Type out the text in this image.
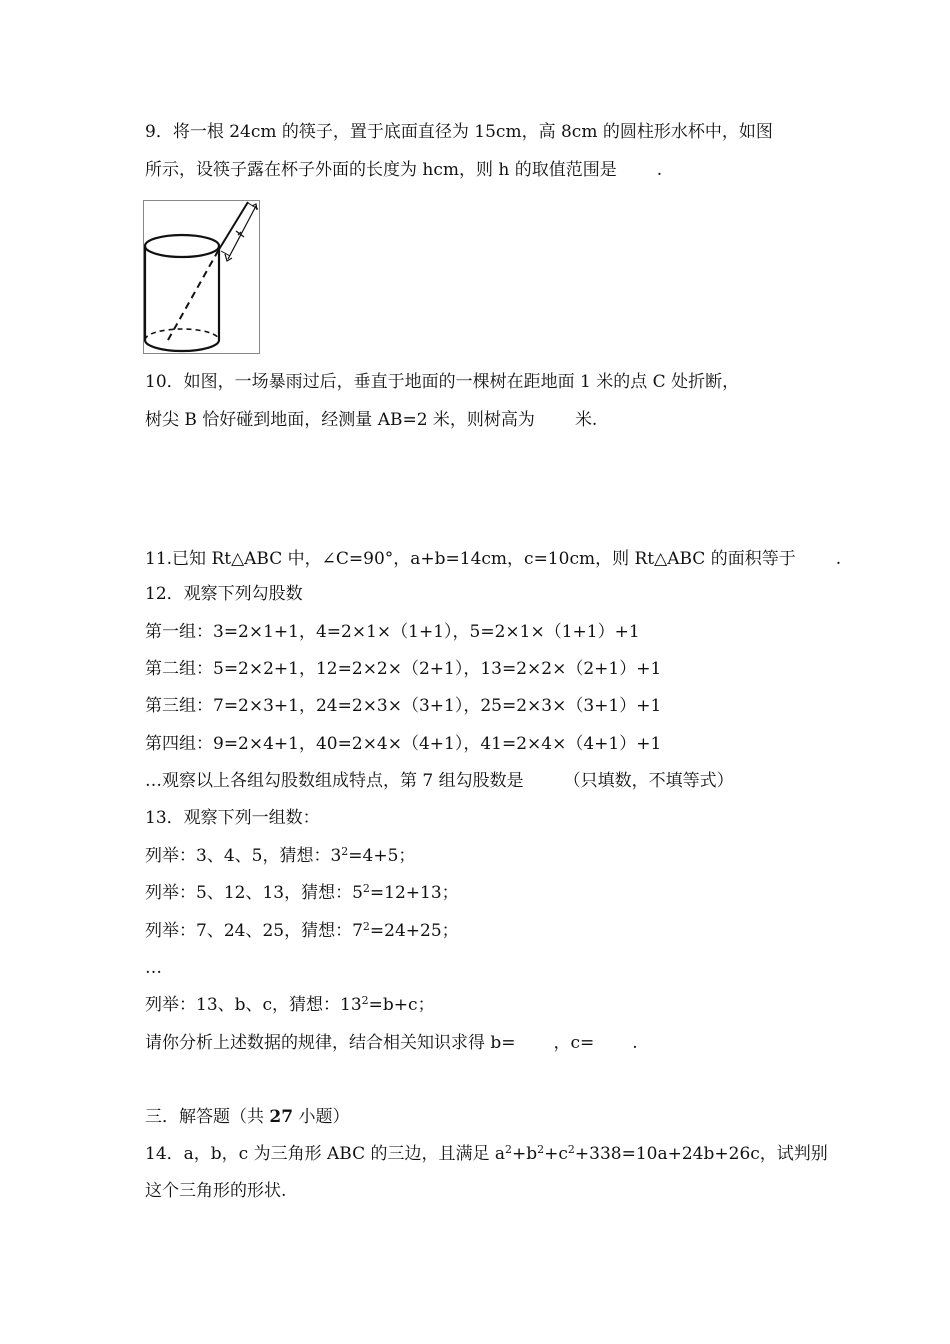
9．将一根 24cm 的筷子，置于底面直径为 15cm，高 8cm 的圆柱形水杯中，如图
所示，设筷子露在杯子外面的长度为 hcm，则 h 的取值范围是 .
10．如图，一场暴雨过后，垂直于地面的一棵树在距地面 1 米的点 C 处折断，
树尖 B 恰好碰到地面，经测量 AB=2 米，则树高为 米.
11.已知 Rt△ABC 中，∠C=90°，a+b=14cm，c=10cm，则 Rt△ABC 的面积等于 .
12．观察下列勾股数
第一组：3=2×1+1，4=2×1×（1+1），5=2×1×（1+1）+1
第二组：5=2×2+1，12=2×2×（2+1），13=2×2×（2+1）+1
第三组：7=2×3+1，24=2×3×（3+1），25=2×3×（3+1）+1
第四组：9=2×4+1，40=2×4×（4+1），41=2×4×（4+1）+1
…观察以上各组勾股数组成特点，第 7 组勾股数是 （只填数，不填等式）
13．观察下列一组数：
列举：3、4、5，猜想：$3^2=4+5$；
列举：5、12、13，猜想：$5^2=12+13$；
列举：7、24、25，猜想：$7^2=24+25$；
…
列举：13、b、c，猜想：$13^2=b+c$；
请你分析上述数据的规律，结合相关知识求得 b= ，c= .
三．解答题（共 27 小题）
14．a，b，c 为三角形 ABC 的三边，且满足 $a^2+b^2+c^2+338=10a+24b+26c$，试判别
这个三角形的形状.
